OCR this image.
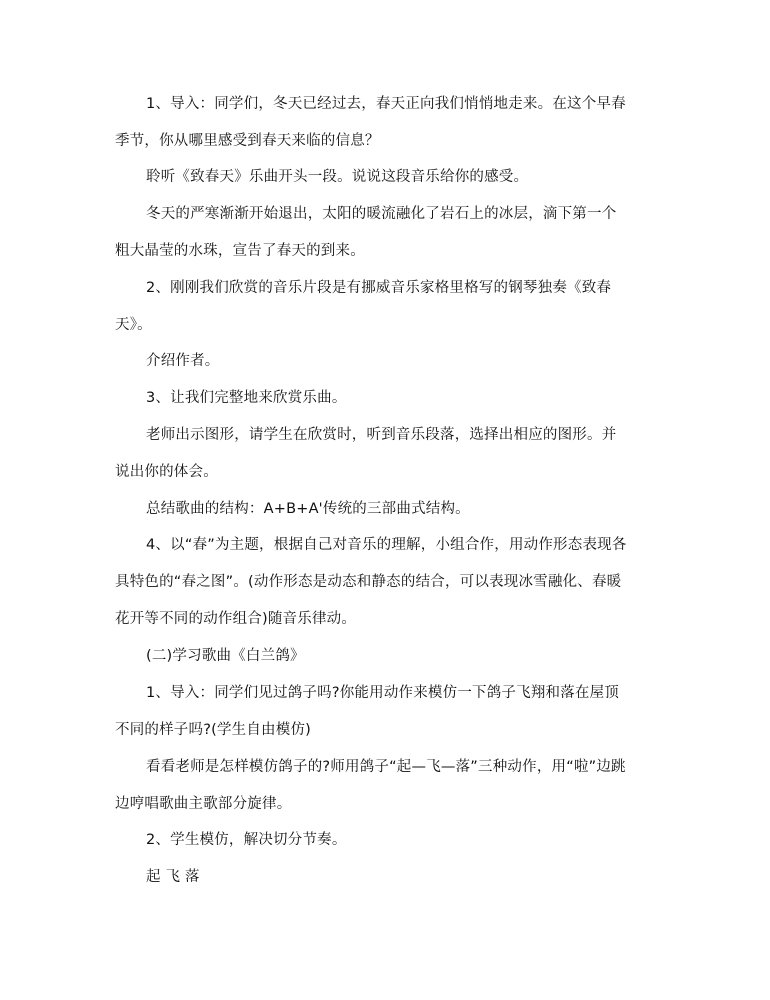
1、导入：同学们，冬天已经过去，春天正向我们悄悄地走来。在这个早春
季节，你从哪里感受到春天来临的信息？
聆听《致春天》乐曲开头一段。说说这段音乐给你的感受。
冬天的严寒渐渐开始退出，太阳的暖流融化了岩石上的冰层，滴下第一个
粗大晶莹的水珠，宣告了春天的到来。
2、刚刚我们欣赏的音乐片段是有挪威音乐家格里格写的钢琴独奏《致春
天》。
介绍作者。
3、让我们完整地来欣赏乐曲。
老师出示图形，请学生在欣赏时，听到音乐段落，选择出相应的图形。并
说出你的体会。
总结歌曲的结构：A+B+A'传统的三部曲式结构。
4、以“春”为主题，根据自己对音乐的理解，小组合作，用动作形态表现各
具特色的“春之图”。(动作形态是动态和静态的结合，可以表现冰雪融化、春暖
花开等不同的动作组合)随音乐律动。
(二)学习歌曲《白兰鸽》
1、导入：同学们见过鸽子吗?你能用动作来模仿一下鸽子飞翔和落在屋顶
不同的样子吗?(学生自由模仿)
看看老师是怎样模仿鸽子的?师用鸽子“起—飞—落”三种动作，用“啦”边跳
边哼唱歌曲主歌部分旋律。
2、学生模仿，解决切分节奏。
起 飞 落
